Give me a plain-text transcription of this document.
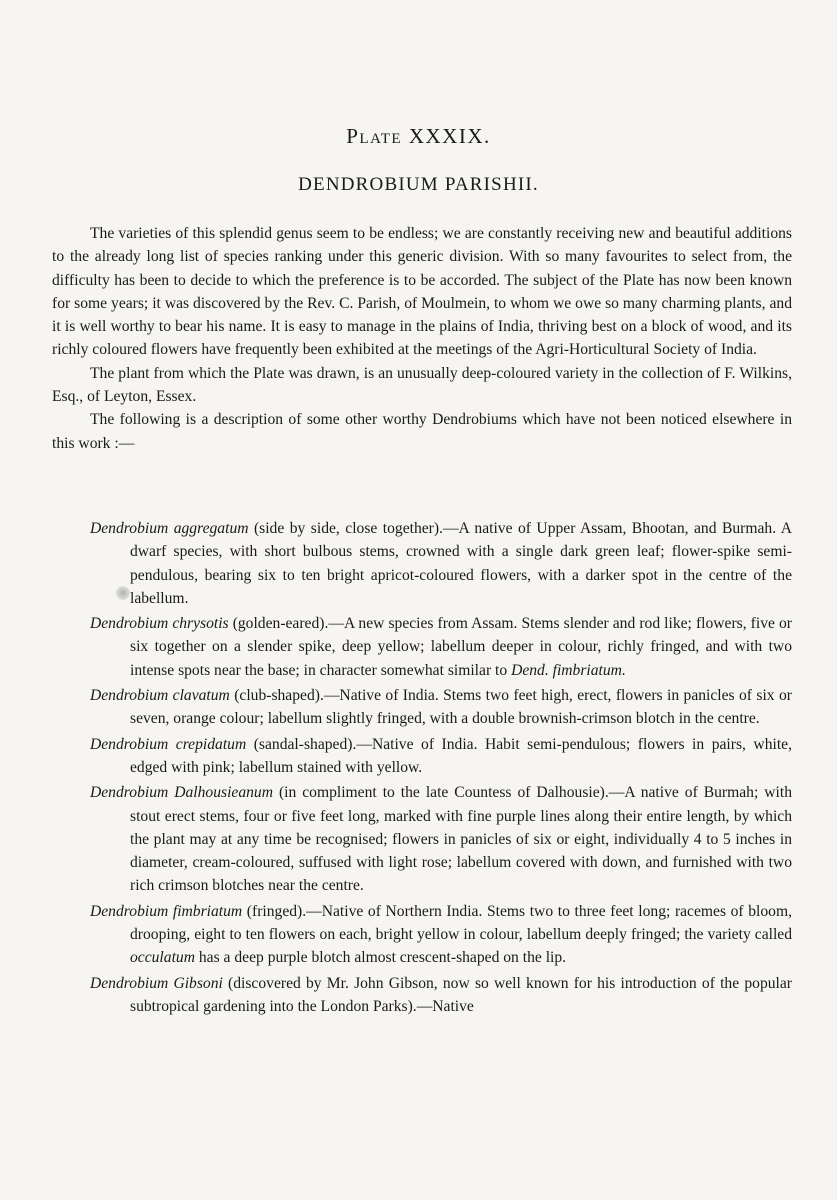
Plate XXXIX.
DENDROBIUM PARISHII.

The varieties of this splendid genus seem to be endless; we are constantly receiving new and beautiful additions to the already long list of species ranking under this generic division. With so many favourites to select from, the difficulty has been to decide to which the preference is to be accorded. The subject of the Plate has now been known for some years; it was discovered by the Rev. C. Parish, of Moulmein, to whom we owe so many charming plants, and it is well worthy to bear his name. It is easy to manage in the plains of India, thriving best on a block of wood, and its richly coloured flowers have frequently been exhibited at the meetings of the Agri-Horticultural Society of India.

The plant from which the Plate was drawn, is an unusually deep-coloured variety in the collection of F. Wilkins, Esq., of Leyton, Essex.

The following is a description of some other worthy Dendrobiums which have not been noticed elsewhere in this work :—

Dendrobium aggregatum (side by side, close together).—A native of Upper Assam, Bhootan, and Burmah. A dwarf species, with short bulbous stems, crowned with a single dark green leaf; flower-spike semi-pendulous, bearing six to ten bright apricot-coloured flowers, with a darker spot in the centre of the labellum.

Dendrobium chrysotis (golden-eared).—A new species from Assam. Stems slender and rod like; flowers, five or six together on a slender spike, deep yellow; labellum deeper in colour, richly fringed, and with two intense spots near the base; in character somewhat similar to Dend. fimbriatum.

Dendrobium clavatum (club-shaped).—Native of India. Stems two feet high, erect, flowers in panicles of six or seven, orange colour; labellum slightly fringed, with a double brownish-crimson blotch in the centre.

Dendrobium crepidatum (sandal-shaped).—Native of India. Habit semi-pendulous; flowers in pairs, white, edged with pink; labellum stained with yellow.

Dendrobium Dalhousieanum (in compliment to the late Countess of Dalhousie).—A native of Burmah; with stout erect stems, four or five feet long, marked with fine purple lines along their entire length, by which the plant may at any time be recognised; flowers in panicles of six or eight, individually 4 to 5 inches in diameter, cream-coloured, suffused with light rose; labellum covered with down, and furnished with two rich crimson blotches near the centre.

Dendrobium fimbriatum (fringed).—Native of Northern India. Stems two to three feet long; racemes of bloom, drooping, eight to ten flowers on each, bright yellow in colour, labellum deeply fringed; the variety called occulatum has a deep purple blotch almost crescent-shaped on the lip.

Dendrobium Gibsoni (discovered by Mr. John Gibson, now so well known for his introduction of the popular subtropical gardening into the London Parks).—Native
